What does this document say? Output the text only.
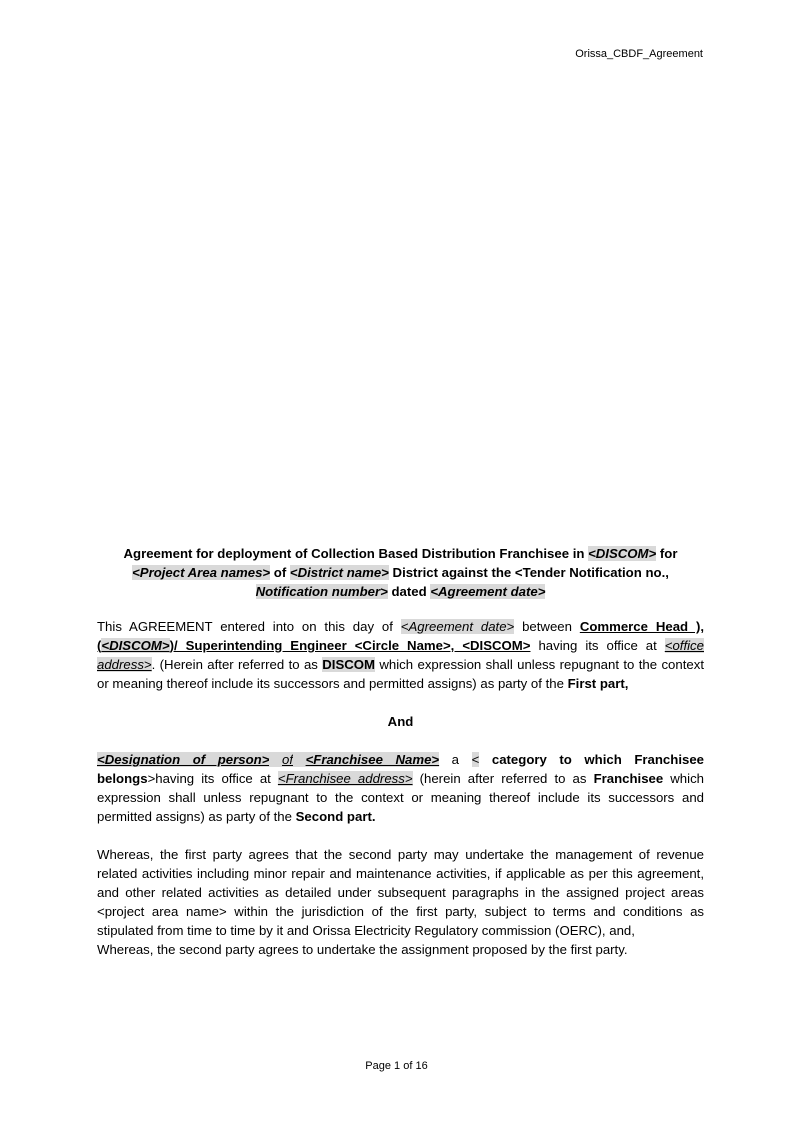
Orissa_CBDF_Agreement

Agreement for deployment of Collection Based Distribution Franchisee in <DISCOM> for
<Project Area names> of <District name> District against the <Tender Notification no.,
Notification number> dated <Agreement date>

This AGREEMENT entered into on this day of <Agreement date> between Commerce Head ), (<DISCOM>)/ Superintending Engineer <Circle Name>, <DISCOM> having its office at <office address>. (Herein after referred to as DISCOM which expression shall unless repugnant to the context or meaning thereof include its successors and permitted assigns) as party of the First part,

And

<Designation of person> of <Franchisee Name> a < category to which Franchisee belongs>having its office at <Franchisee address> (herein after referred to as Franchisee which expression shall unless repugnant to the context or meaning thereof include its successors and permitted assigns) as party of the Second part.

Whereas, the first party agrees that the second party may undertake the management of revenue related activities including minor repair and maintenance activities, if applicable as per this agreement, and other related activities as detailed under subsequent paragraphs in the assigned project areas <project area name> within the jurisdiction of the first party, subject to terms and conditions as stipulated from time to time by it and Orissa Electricity Regulatory commission (OERC), and,

Whereas, the second party agrees to undertake the assignment proposed by the first party.

Page 1 of 16
